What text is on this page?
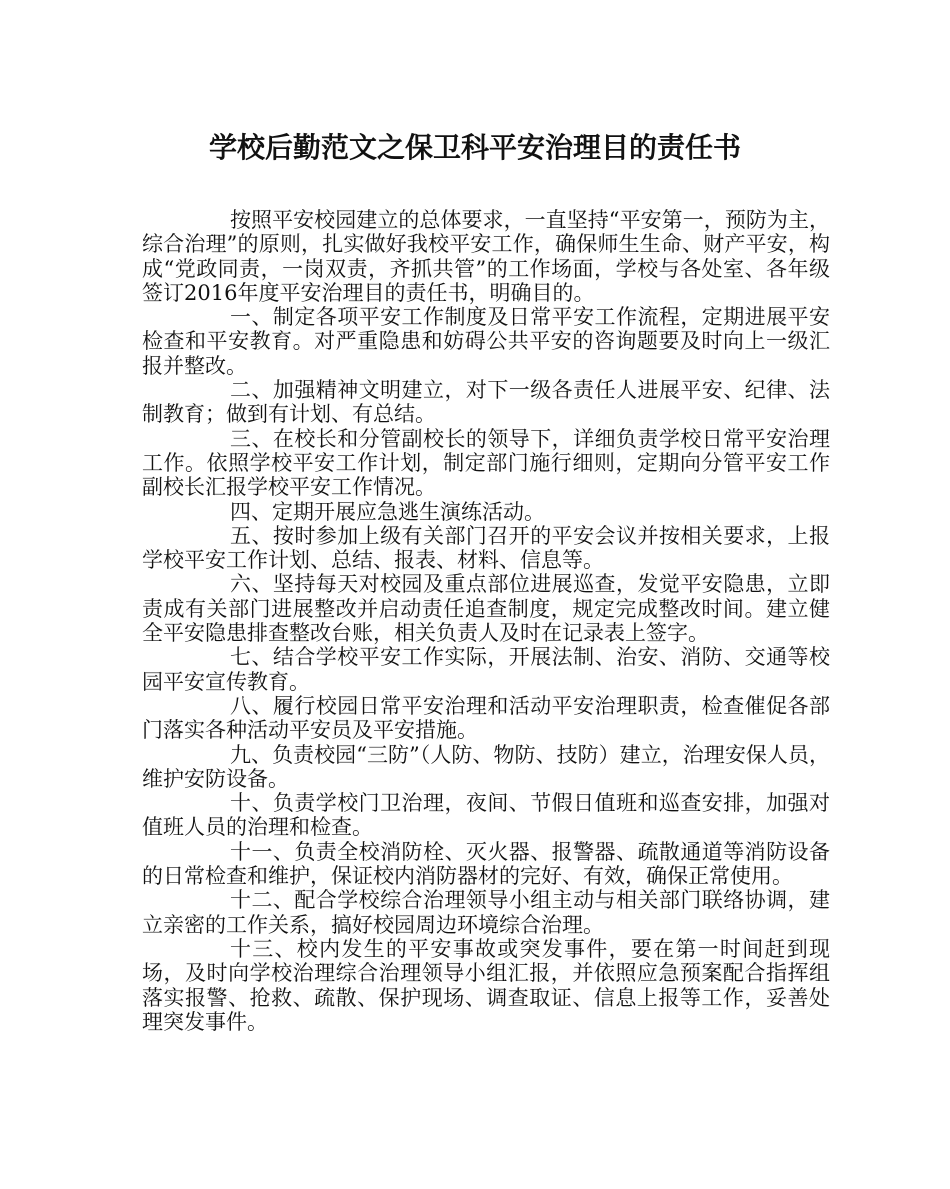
学校后勤范文之保卫科平安治理目的责任书

按照平安校园建立的总体要求，一直坚持“平安第一，预防为主，综合治理”的原则，扎实做好我校平安工作，确保师生生命、财产平安，构成“党政同责，一岗双责，齐抓共管”的工作场面，学校与各处室、各年级签订2016年度平安治理目的责任书，明确目的。

一、制定各项平安工作制度及日常平安工作流程，定期进展平安检查和平安教育。对严重隐患和妨碍公共平安的咨询题要及时向上一级汇报并整改。

二、加强精神文明建立，对下一级各责任人进展平安、纪律、法制教育；做到有计划、有总结。

三、在校长和分管副校长的领导下，详细负责学校日常平安治理工作。依照学校平安工作计划，制定部门施行细则，定期向分管平安工作副校长汇报学校平安工作情况。

四、定期开展应急逃生演练活动。

五、按时参加上级有关部门召开的平安会议并按相关要求，上报学校平安工作计划、总结、报表、材料、信息等。

六、坚持每天对校园及重点部位进展巡查，发觉平安隐患，立即责成有关部门进展整改并启动责任追查制度，规定完成整改时间。建立健全平安隐患排查整改台账，相关负责人及时在记录表上签字。

七、结合学校平安工作实际，开展法制、治安、消防、交通等校园平安宣传教育。

八、履行校园日常平安治理和活动平安治理职责，检查催促各部门落实各种活动平安员及平安措施。

九、负责校园“三防”（人防、物防、技防）建立，治理安保人员，维护安防设备。

十、负责学校门卫治理，夜间、节假日值班和巡查安排，加强对值班人员的治理和检查。

十一、负责全校消防栓、灭火器、报警器、疏散通道等消防设备的日常检查和维护，保证校内消防器材的完好、有效，确保正常使用。

十二、配合学校综合治理领导小组主动与相关部门联络协调，建立亲密的工作关系，搞好校园周边环境综合治理。

十三、校内发生的平安事故或突发事件，要在第一时间赶到现场，及时向学校治理综合治理领导小组汇报，并依照应急预案配合指挥组落实报警、抢救、疏散、保护现场、调查取证、信息上报等工作，妥善处理突发事件。
